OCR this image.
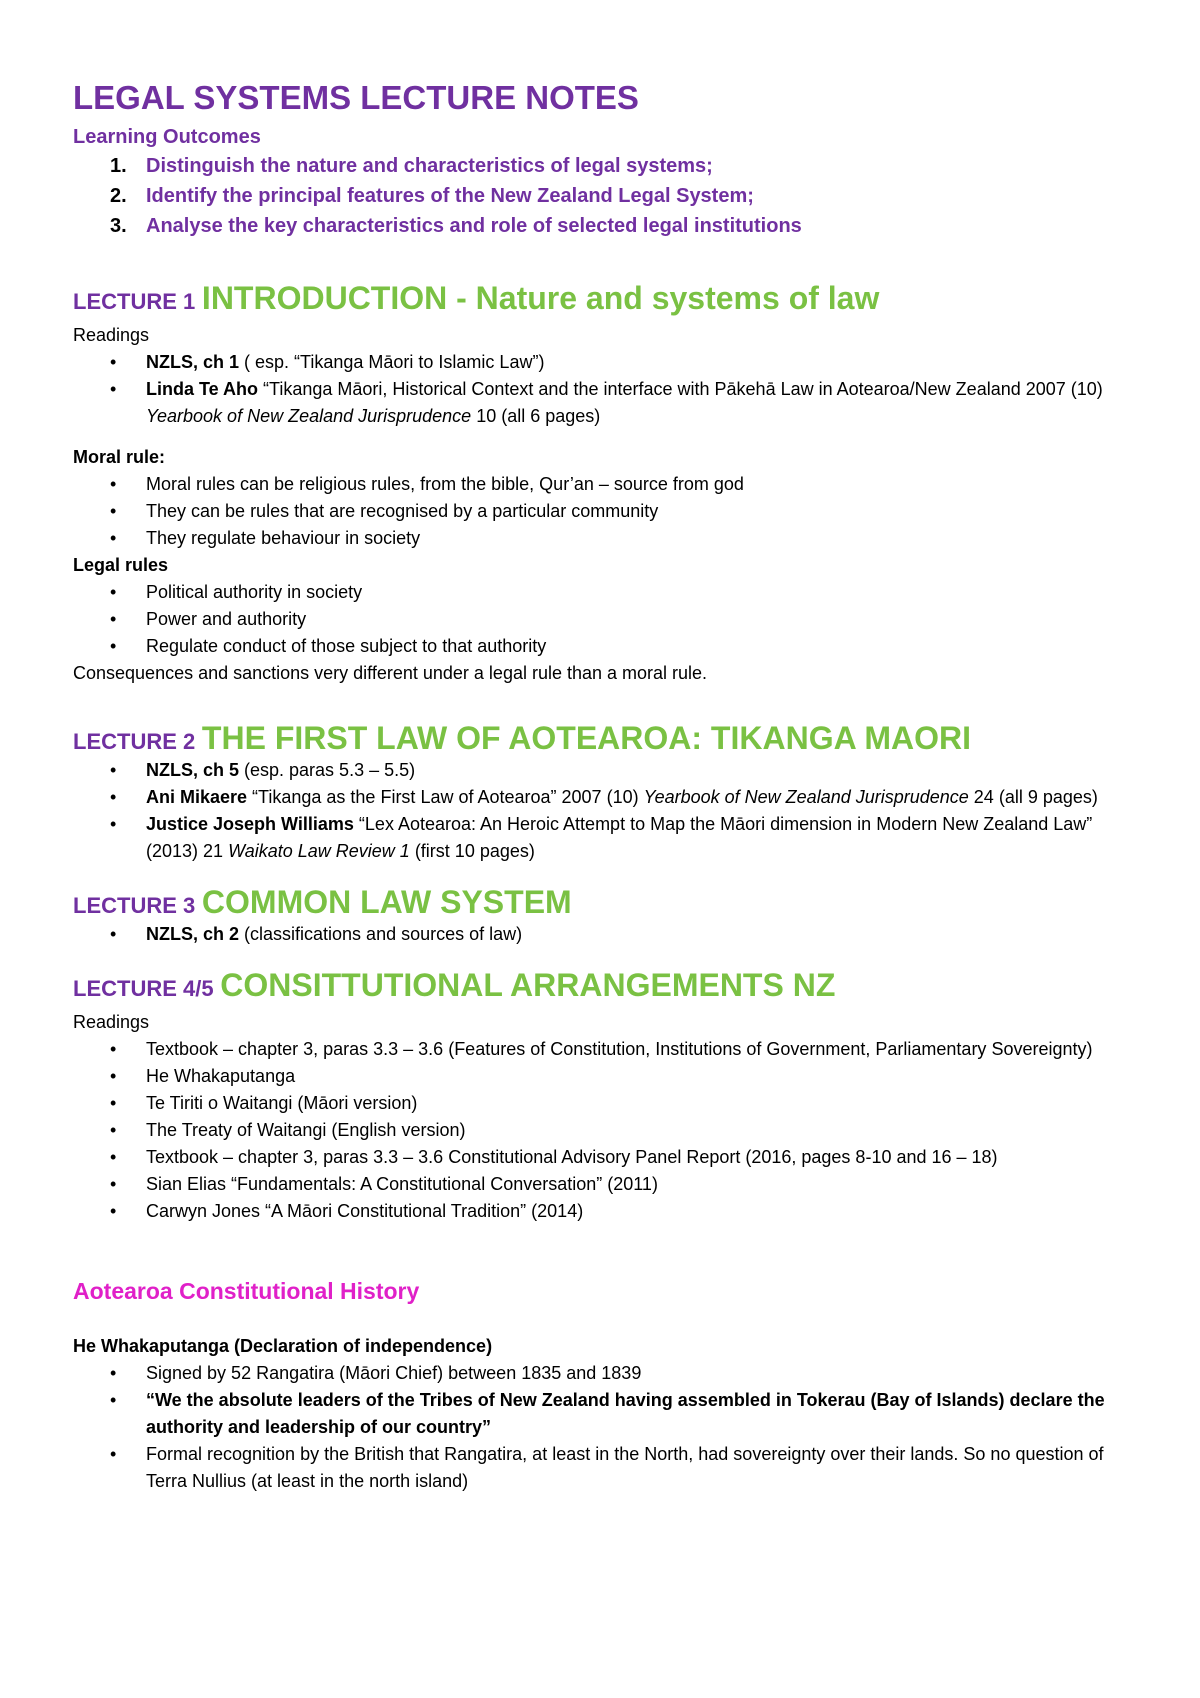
LEGAL SYSTEMS LECTURE NOTES

Learning Outcomes

1. Distinguish the nature and characteristics of legal systems;
2. Identify the principal features of the New Zealand Legal System;
3. Analyse the key characteristics and role of selected legal institutions
LECTURE 1 INTRODUCTION - Nature and systems of law

Readings

• NZLS, ch 1 ( esp. “Tikanga Māori to Islamic Law”)
• Linda Te Aho “Tikanga Māori, Historical Context and the interface with Pākehā Law in Aotearoa/New Zealand 2007 (10) Yearbook of New Zealand Jurisprudence 10 (all 6 pages)

Moral rule:

• Moral rules can be religious rules, from the bible, Qur’an – source from god
• They can be rules that are recognised by a particular community
• They regulate behaviour in society

Legal rules

• Political authority in society
• Power and authority
• Regulate conduct of those subject to that authority

Consequences and sanctions very different under a legal rule than a moral rule.

LECTURE 2 THE FIRST LAW OF AOTEAROA: TIKANGA MAORI
• NZLS, ch 5 (esp. paras 5.3 – 5.5)
• Ani Mikaere “Tikanga as the First Law of Aotearoa” 2007 (10) Yearbook of New Zealand Jurisprudence 24 (all 9 pages)
• Justice Joseph Williams “Lex Aotearoa: An Heroic Attempt to Map the Māori dimension in Modern New Zealand Law” (2013) 21 Waikato Law Review 1 (first 10 pages)
LECTURE 3 COMMON LAW SYSTEM
• NZLS, ch 2 (classifications and sources of law)
LECTURE 4/5 CONSITTUTIONAL ARRANGEMENTS NZ

Readings

• Textbook – chapter 3, paras 3.3 – 3.6 (Features of Constitution, Institutions of Government, Parliamentary Sovereignty)
• He Whakaputanga
• Te Tiriti o Waitangi (Māori version)
• The Treaty of Waitangi (English version)
• Textbook – chapter 3, paras 3.3 – 3.6 Constitutional Advisory Panel Report (2016, pages 8-10 and 16 – 18)
• Sian Elias “Fundamentals: A Constitutional Conversation” (2011)
• Carwyn Jones “A Māori Constitutional Tradition” (2014)
Aotearoa Constitutional History

He Whakaputanga (Declaration of independence)

• Signed by 52 Rangatira (Māori Chief) between 1835 and 1839
• “We the absolute leaders of the Tribes of New Zealand having assembled in Tokerau (Bay of Islands) declare the authority and leadership of our country”
• Formal recognition by the British that Rangatira, at least in the North, had sovereignty over their lands. So no question of Terra Nullius (at least in the north island)
